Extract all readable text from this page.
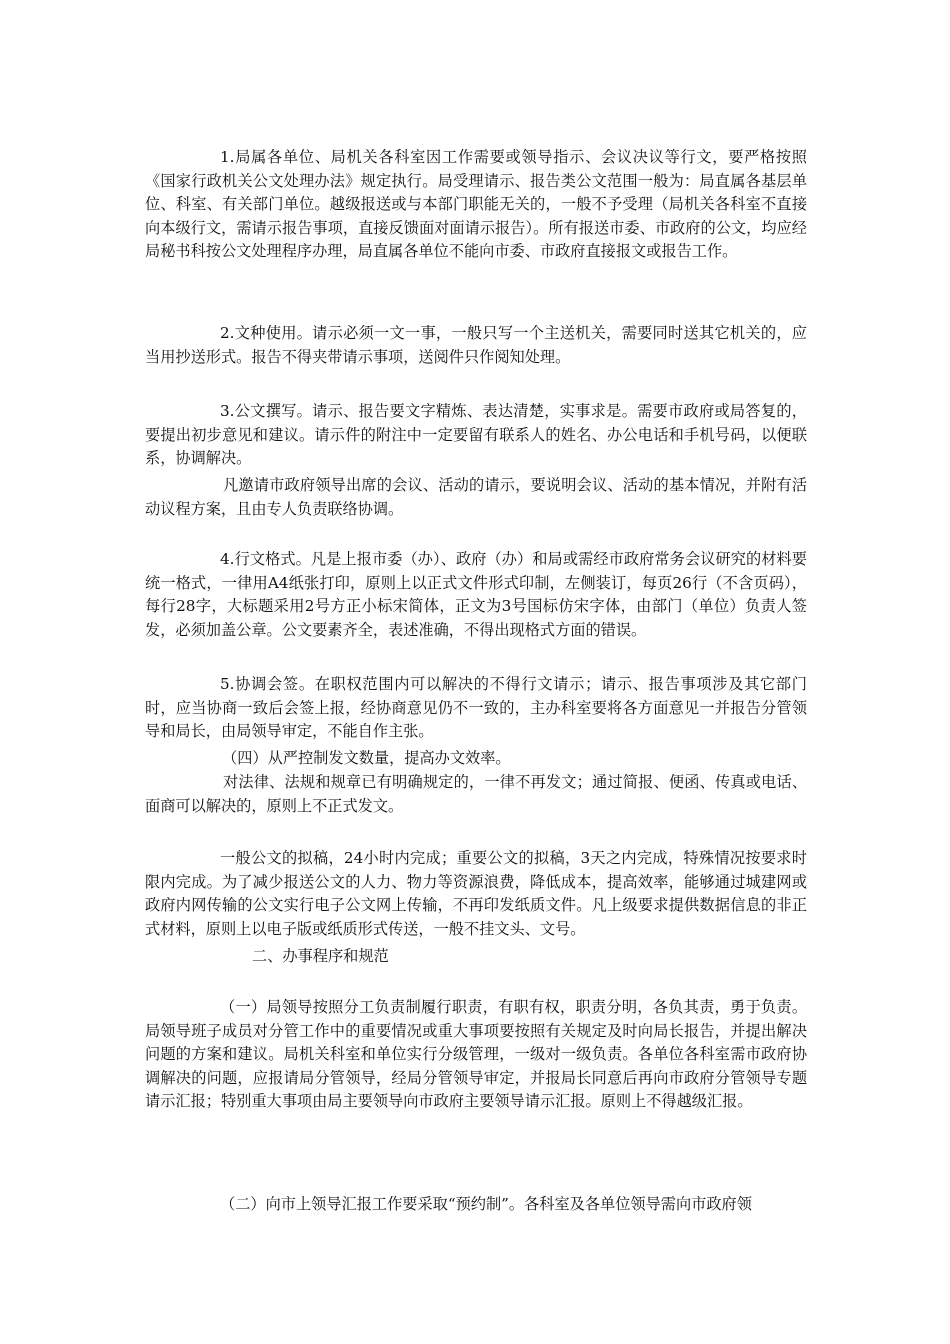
1.局属各单位、局机关各科室因工作需要或领导指示、会议决议等行文，要严格按照《国家行政机关公文处理办法》规定执行。局受理请示、报告类公文范围一般为：局直属各基层单位、科室、有关部门单位。越级报送或与本部门职能无关的，一般不予受理（局机关各科室不直接向本级行文，需请示报告事项，直接反馈面对面请示报告）。所有报送市委、市政府的公文，均应经局秘书科按公文处理程序办理，局直属各单位不能向市委、市政府直接报文或报告工作。

2.文种使用。请示必须一文一事，一般只写一个主送机关，需要同时送其它机关的，应当用抄送形式。报告不得夹带请示事项，送阅件只作阅知处理。

3.公文撰写。请示、报告要文字精炼、表达清楚，实事求是。需要市政府或局答复的，要提出初步意见和建议。请示件的附注中一定要留有联系人的姓名、办公电话和手机号码，以便联系，协调解决。

凡邀请市政府领导出席的会议、活动的请示，要说明会议、活动的基本情况，并附有活动议程方案，且由专人负责联络协调。

4.行文格式。凡是上报市委（办）、政府（办）和局或需经市政府常务会议研究的材料要统一格式，一律用A4纸张打印，原则上以正式文件形式印制，左侧装订，每页26行（不含页码），每行28字，大标题采用2号方正小标宋简体，正文为3号国标仿宋字体，由部门（单位）负责人签发，必须加盖公章。公文要素齐全，表述准确，不得出现格式方面的错误。

5.协调会签。在职权范围内可以解决的不得行文请示；请示、报告事项涉及其它部门时，应当协商一致后会签上报，经协商意见仍不一致的，主办科室要将各方面意见一并报告分管领导和局长，由局领导审定，不能自作主张。

（四）从严控制发文数量，提高办文效率。

对法律、法规和规章已有明确规定的，一律不再发文；通过简报、便函、传真或电话、面商可以解决的，原则上不正式发文。

一般公文的拟稿，24小时内完成；重要公文的拟稿，3天之内完成，特殊情况按要求时限内完成。为了减少报送公文的人力、物力等资源浪费，降低成本，提高效率，能够通过城建网或政府内网传输的公文实行电子公文网上传输，不再印发纸质文件。凡上级要求提供数据信息的非正式材料，原则上以电子版或纸质形式传送，一般不挂文头、文号。

二、办事程序和规范

（一）局领导按照分工负责制履行职责，有职有权，职责分明，各负其责，勇于负责。局领导班子成员对分管工作中的重要情况或重大事项要按照有关规定及时向局长报告，并提出解决问题的方案和建议。局机关科室和单位实行分级管理，一级对一级负责。各单位各科室需市政府协调解决的问题，应报请局分管领导，经局分管领导审定，并报局长同意后再向市政府分管领导专题请示汇报；特别重大事项由局主要领导向市政府主要领导请示汇报。原则上不得越级汇报。

（二）向市上领导汇报工作要采取“预约制”。各科室及各单位领导需向市政府领
